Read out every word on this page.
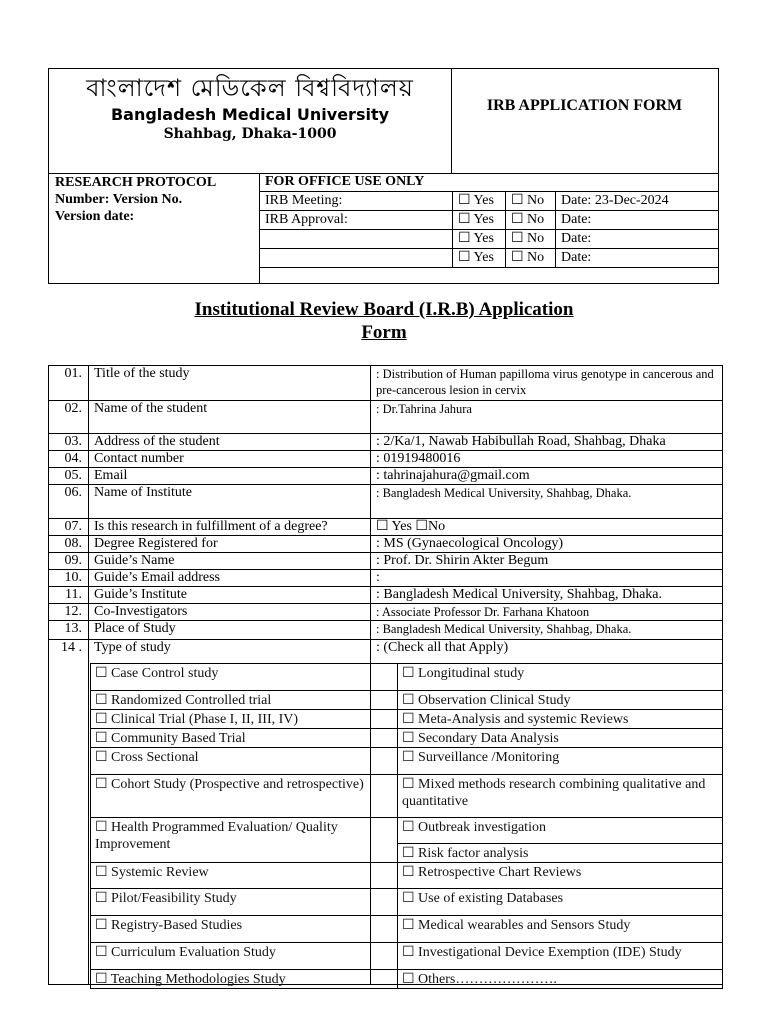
বাংলাদেশ মেডিকেল বিশ্ববিদ্যালয়
Bangladesh Medical University
Shahbag, Dhaka-1000
IRB APPLICATION FORM
RESEARCH PROTOCOL
Number: Version No.
Version date:
FOR OFFICE USE ONLY			
IRB Meeting:	☐ Yes	☐ No	Date: 23-Dec-2024
IRB Approval:	☐ Yes	☐ No	Date:
	☐ Yes	☐ No	Date:
	☐ Yes	☐ No	Date:

Institutional Review Board (I.R.B) Application
Form
01.	Title of the study	: Distribution of Human papilloma virus genotype in cancerous and pre-cancerous lesion in cervix
02.	Name of the student	: Dr.Tahrina Jahura
03.	Address of the student	: 2/Ka/1, Nawab Habibullah Road, Shahbag, Dhaka
04.	Contact number	: 01919480016
05.	Email	: tahrinajahura@gmail.com
06.	Name of Institute	: Bangladesh Medical University, Shahbag, Dhaka.
07.	Is this research in fulfillment of a degree?	☐ Yes ☐No
08.	Degree Registered for	: MS (Gynaecological Oncology)
09.	Guide’s Name	: Prof. Dr. Shirin Akter Begum
10.	Guide’s Email address	:
11.	Guide’s Institute	: Bangladesh Medical University, Shahbag, Dhaka.
12.	Co-Investigators	: Associate Professor Dr. Farhana Khatoon
13.	Place of Study	: Bangladesh Medical University, Shahbag, Dhaka.
14 .	Type of study	: (Check all that Apply)
☐ Case Control study	☐ Longitudinal study
☐ Randomized Controlled trial	☐ Observation Clinical Study
☐ Clinical Trial (Phase I, II, III, IV)	☐ Meta-Analysis and systemic Reviews
☐ Community Based Trial	☐ Secondary Data Analysis
☐ Cross Sectional	☐ Surveillance /Monitoring
☐ Cohort Study (Prospective and retrospective)	☐ Mixed methods research combining qualitative and quantitative
☐ Health Programmed Evaluation/ Quality Improvement	☐ Outbreak investigation
	☐ Risk factor analysis
☐ Systemic Review	☐ Retrospective Chart Reviews
☐ Pilot/Feasibility Study	☐ Use of existing Databases
☐ Registry-Based Studies	☐ Medical wearables and Sensors Study
☐ Curriculum Evaluation Study	☐ Investigational Device Exemption (IDE) Study
☐ Teaching Methodologies Study	☐ Others………………….
